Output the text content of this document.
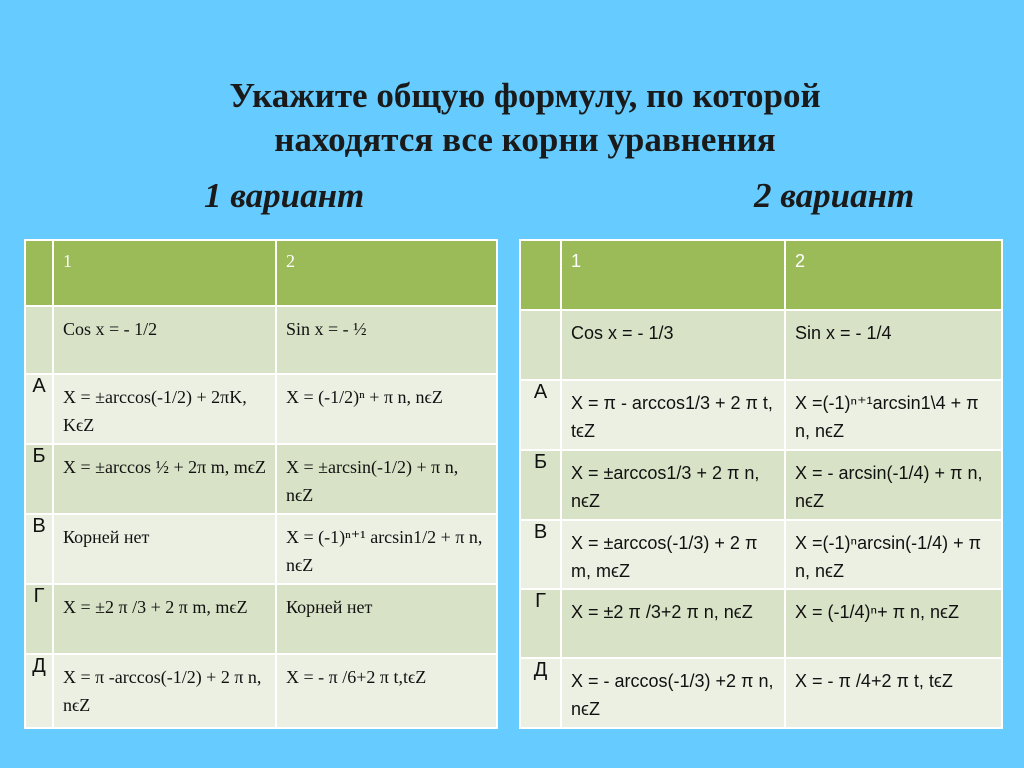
Укажите общую формулу, по которой
находятся все корни уравнения
1 вариант	2 вариант

	1	2

	Cos x = - 1/2	Sin x = - ½

А	X = ±arccos(-1/2) + 2πK, KϵZ	X = (-1/2)ⁿ + π n, nϵZ

Б	X = ±arccos ½ + 2π m, mϵZ	X = ±arcsin(-1/2) + π n, nϵZ

В	Корней нет	X = (-1)ⁿ⁺¹ arcsin1/2 + π n, nϵZ

Г	X = ±2 π /3 + 2 π m, mϵZ	Корней нет

Д	X = π -arccos(-1/2) + 2 π n, nϵZ	X = - π /6+2 π t,tϵZ

	1	2

	Cos x = - 1/3	Sin x = - 1/4

А	X = π - arccos1/3 + 2 π t, tϵZ	X =(-1)ⁿ⁺¹arcsin1\4 + π n, nϵZ

Б	X = ±arccos1/3 + 2 π n, nϵZ	X = - arcsin(-1/4) + π n, nϵZ

В	X = ±arccos(-1/3) + 2 π m, mϵZ	X =(-1)ⁿarcsin(-1/4) + π n, nϵZ

Г	X = ±2 π /3+2 π n, nϵZ	X = (-1/4)ⁿ+ π n, nϵZ

Д	X = - arccos(-1/3) +2 π n, nϵZ	X = - π /4+2 π t, tϵZ
